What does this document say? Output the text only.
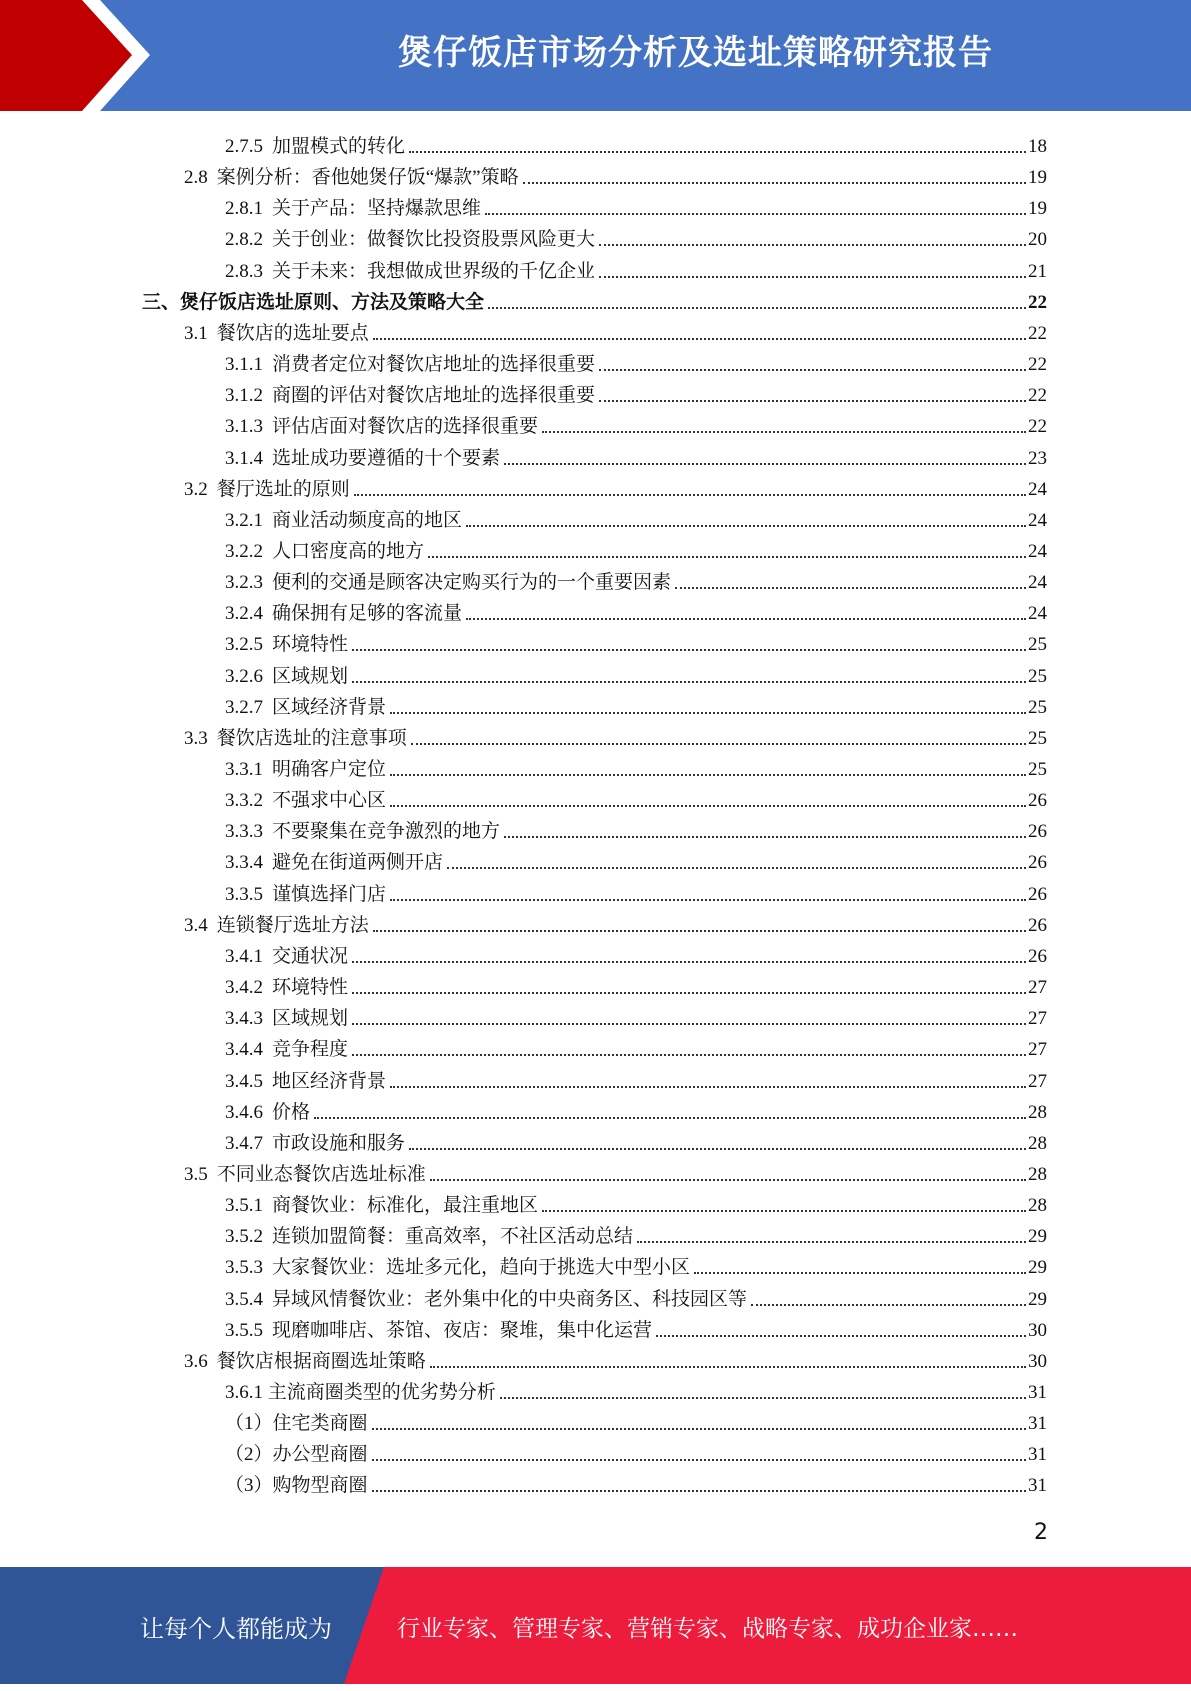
煲仔饭店市场分析及选址策略研究报告
2.7.5 加盟模式的转化	18
2.8 案例分析：香他她煲仔饭“爆款”策略	19
2.8.1 关于产品：坚持爆款思维	19
2.8.2 关于创业：做餐饮比投资股票风险更大	20
2.8.3 关于未来：我想做成世界级的千亿企业	21
三、煲仔饭店选址原则、方法及策略大全	22
3.1 餐饮店的选址要点	22
3.1.1 消费者定位对餐饮店地址的选择很重要	22
3.1.2 商圈的评估对餐饮店地址的选择很重要	22
3.1.3 评估店面对餐饮店的选择很重要	22
3.1.4 选址成功要遵循的十个要素	23
3.2 餐厅选址的原则	24
3.2.1 商业活动频度高的地区	24
3.2.2 人口密度高的地方	24
3.2.3 便利的交通是顾客决定购买行为的一个重要因素	24
3.2.4 确保拥有足够的客流量	24
3.2.5 环境特性	25
3.2.6 区域规划	25
3.2.7 区域经济背景	25
3.3 餐饮店选址的注意事项	25
3.3.1 明确客户定位	25
3.3.2 不强求中心区	26
3.3.3 不要聚集在竞争激烈的地方	26
3.3.4 避免在街道两侧开店	26
3.3.5 谨慎选择门店	26
3.4 连锁餐厅选址方法	26
3.4.1 交通状况	26
3.4.2 环境特性	27
3.4.3 区域规划	27
3.4.4 竞争程度	27
3.4.5 地区经济背景	27
3.4.6 价格	28
3.4.7 市政设施和服务	28
3.5 不同业态餐饮店选址标准	28
3.5.1 商餐饮业：标准化，最注重地区	28
3.5.2 连锁加盟简餐：重高效率，不社区活动总结	29
3.5.3 大家餐饮业：选址多元化，趋向于挑选大中型小区	29
3.5.4 异域风情餐饮业：老外集中化的中央商务区、科技园区等	29
3.5.5 现磨咖啡店、茶馆、夜店：聚堆，集中化运营	30
3.6 餐饮店根据商圈选址策略	30
3.6.1 主流商圈类型的优劣势分析	31
（1）住宅类商圈	31
（2）办公型商圈	31
（3）购物型商圈	31
2
让每个人都能成为	行业专家、管理专家、营销专家、战略专家、成功企业家……
